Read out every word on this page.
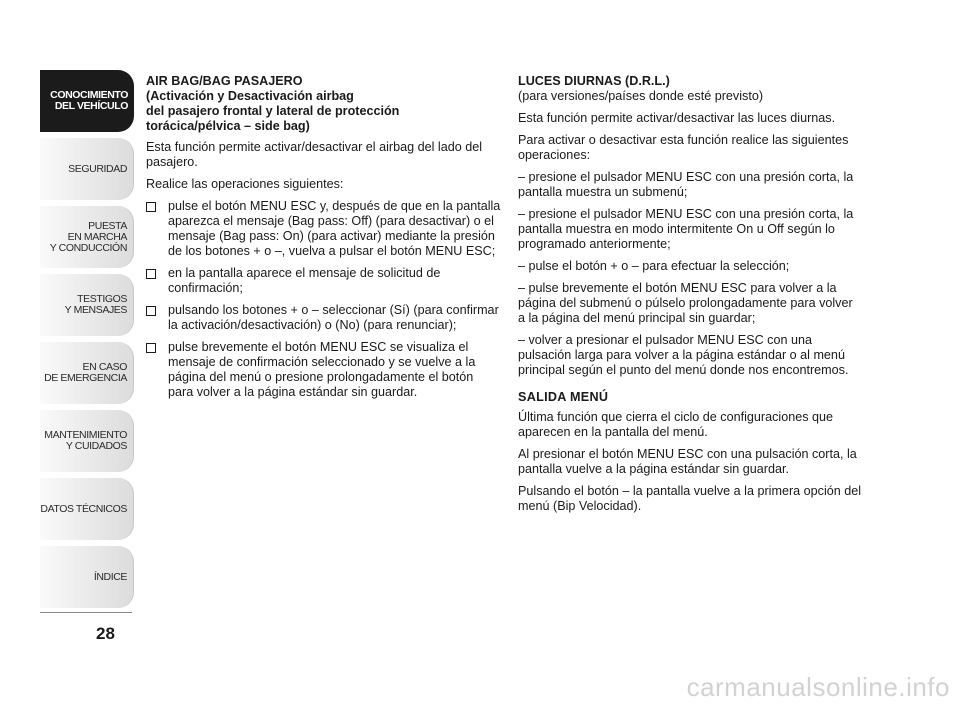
CONOCIMIENTO
DEL VEHÍCULO
SEGURIDAD
PUESTA
EN MARCHA
Y CONDUCCIÓN
TESTIGOS
Y MENSAJES
EN CASO
DE EMERGENCIA
MANTENIMIENTO
Y CUIDADOS
DATOS TÉCNICOS
ÍNDICE
28
AIR BAG/BAG PASAJERO
(Activación y Desactivación airbag
del pasajero frontal y lateral de protección
torácica/pélvica – side bag)

Esta función permite activar/desactivar el airbag del lado del pasajero.

Realice las operaciones siguientes:

pulse el botón MENU ESC y, después de que en la pantalla aparezca el mensaje (Bag pass: Off) (para desactivar) o el mensaje (Bag pass: On) (para activar) mediante la presión de los botones + o –, vuelva a pulsar el botón MENU ESC;
en la pantalla aparece el mensaje de solicitud de confirmación;
pulsando los botones + o – seleccionar (Sí) (para confirmar la activación/desactivación) o (No) (para renunciar);
pulse brevemente el botón MENU ESC se visualiza el mensaje de confirmación seleccionado y se vuelve a la página del menú o presione prolongadamente el botón para volver a la página estándar sin guardar.
LUCES DIURNAS (D.R.L.)

(para versiones/países donde esté previsto)

Esta función permite activar/desactivar las luces diurnas.

Para activar o desactivar esta función realice las siguientes operaciones:

– presione el pulsador MENU ESC con una presión corta, la pantalla muestra un submenú;

– presione el pulsador MENU ESC con una presión corta, la pantalla muestra en modo intermitente On u Off según lo programado anteriormente;

– pulse el botón + o – para efectuar la selección;

– pulse brevemente el botón MENU ESC para volver a la página del submenú o púlselo prolongadamente para volver a la página del menú principal sin guardar;

– volver a presionar el pulsador MENU ESC con una pulsación larga para volver a la página estándar o al menú principal según el punto del menú donde nos encontremos.

SALIDA MENÚ

Última función que cierra el ciclo de configuraciones que aparecen en la pantalla del menú.

Al presionar el botón MENU ESC con una pulsación corta, la pantalla vuelve a la página estándar sin guardar.

Pulsando el botón – la pantalla vuelve a la primera opción del menú (Bip Velocidad).

carmanualsonline.info
